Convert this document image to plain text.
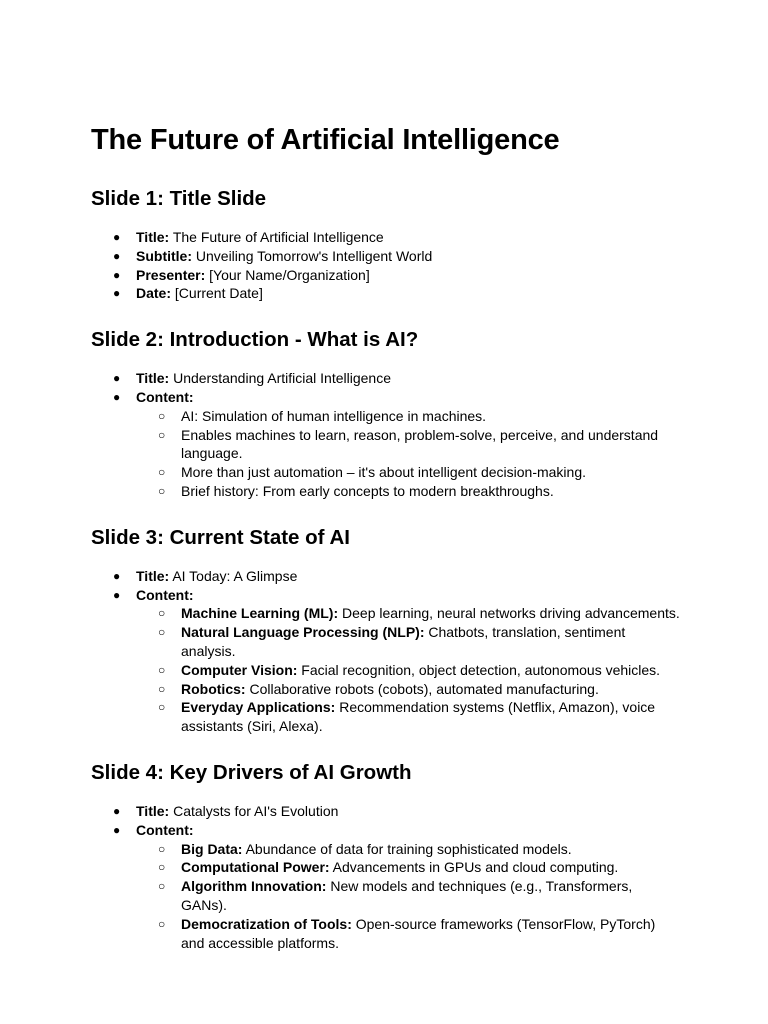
The Future of Artificial Intelligence
Slide 1: Title Slide
● Title: The Future of Artificial Intelligence
● Subtitle: Unveiling Tomorrow's Intelligent World
● Presenter: [Your Name/Organization]
● Date: [Current Date]
Slide 2: Introduction - What is AI?
● Title: Understanding Artificial Intelligence
● Content:
○ AI: Simulation of human intelligence in machines.
○ Enables machines to learn, reason, problem-solve, perceive, and understand language.
○ More than just automation – it's about intelligent decision-making.
○ Brief history: From early concepts to modern breakthroughs.
Slide 3: Current State of AI
● Title: AI Today: A Glimpse
● Content:
○ Machine Learning (ML): Deep learning, neural networks driving advancements.
○ Natural Language Processing (NLP): Chatbots, translation, sentiment analysis.
○ Computer Vision: Facial recognition, object detection, autonomous vehicles.
○ Robotics: Collaborative robots (cobots), automated manufacturing.
○ Everyday Applications: Recommendation systems (Netflix, Amazon), voice assistants (Siri, Alexa).
Slide 4: Key Drivers of AI Growth
● Title: Catalysts for AI's Evolution
● Content:
○ Big Data: Abundance of data for training sophisticated models.
○ Computational Power: Advancements in GPUs and cloud computing.
○ Algorithm Innovation: New models and techniques (e.g., Transformers, GANs).
○ Democratization of Tools: Open-source frameworks (TensorFlow, PyTorch) and accessible platforms.
